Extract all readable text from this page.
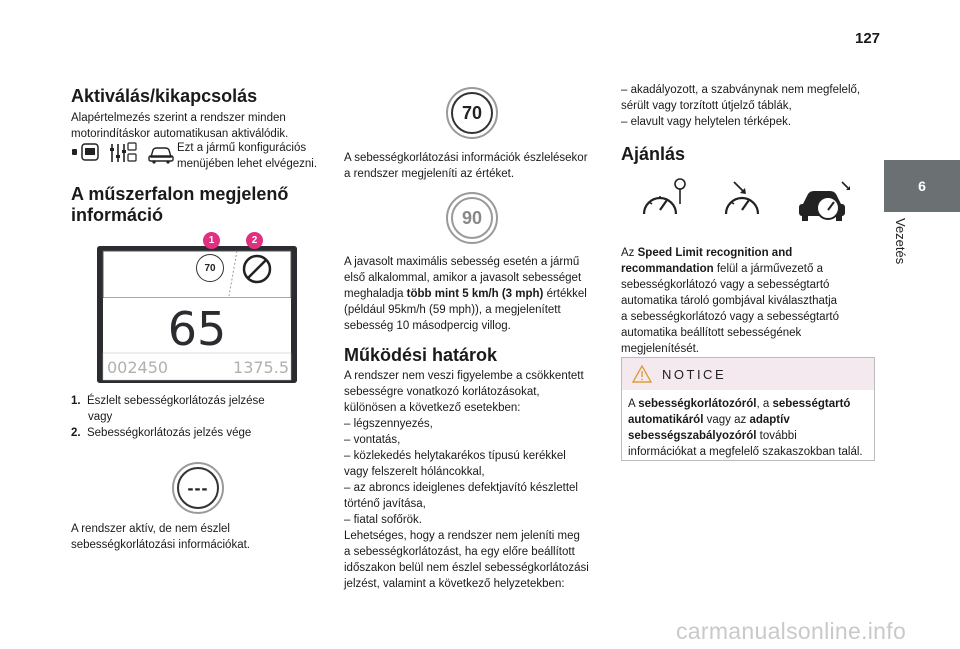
127
6
Vezetés
Aktiválás/kikapcsolás

Alapértelmezés szerint a rendszer minden

motorindításkor automatikusan aktiválódik.

Ezt a jármű konfigurációs

menüjében lehet elvégezni.

A műszerfalon megjelenő
információ
70
65
002450	1375.5
1	2

1. Észlelt sebességkorlátozás jelzése

vagy

2. Sebességkorlátozás jelzés vége

---

A rendszer aktív, de nem észlel

sebességkorlátozási információkat.

70

A sebességkorlátozási információk észlelésekor

a rendszer megjeleníti az értéket.

90

A javasolt maximális sebesség esetén a jármű

első alkalommal, amikor a javasolt sebességet

meghaladja több mint 5 km/h (3 mph) értékkel

(például 95km/h (59 mph)), a megjelenített

sebesség 10 másodpercig villog.

Működési határok

A rendszer nem veszi figyelembe a csökkentett

sebességre vonatkozó korlátozásokat,

különösen a következő esetekben:

– légszennyezés,

– vontatás,

– közlekedés helytakarékos típusú kerékkel

vagy felszerelt hóláncokkal,

– az abroncs ideiglenes defektjavító készlettel

történő javítása,

– fiatal sofőrök.

Lehetséges, hogy a rendszer nem jeleníti meg

a sebességkorlátozást, ha egy előre beállított

időszakon belül nem észlel sebességkorlátozási

jelzést, valamint a következő helyzetekben:

– akadályozott, a szabványnak nem megfelelő,

sérült vagy torzított útjelző táblák,

– elavult vagy helytelen térképek.

Ajánlás

Az Speed Limit recognition and

recommandation felül a járművezető a

sebességkorlátozó vagy a sebességtartó

automatika tároló gombjával kiválaszthatja

a sebességkorlátozó vagy a sebességtartó

automatika beállított sebességének

megjelenítését.

NOTICE

A sebességkorlátozóról, a sebességtartó

automatikáról vagy az adaptív

sebességszabályozóról további

információkat a megfelelő szakaszokban talál.

carmanualsonline.info
